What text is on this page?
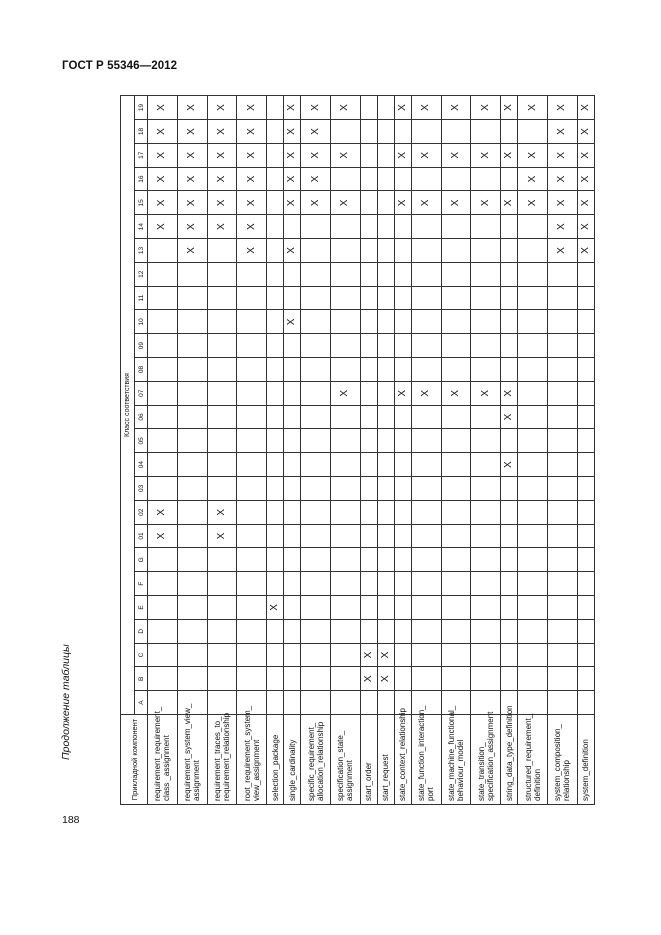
ГОСТ Р 55346—2012
Продолжение таблицы
188
Прикладной компонент	Класс соответствия																									
	A	B	C	D	E	F	G	01	02	03	04	05	06	07	08	09	10	11	12	13	14	15	16	17	18	19
requirement_requirement_
class _assignment								X	X												X	X	X	X	X	X
requirement_system_view_
assignment																				X	X	X	X	X	X	X
requirement_traces_to_
requirement_relationship								X	X												X	X	X	X	X	X
root_requirement_system_
view_assignment																				X	X	X	X	X	X	X
selection_package					X																					
single_cardinality																	X			X		X	X	X	X	X
specific_requirement_
allocation_relationship																						X	X	X	X	X
specification_state_
assignment														X								X		X		X
start_order		X	X																							
start_request		X	X																							
state_context_relationship														X								X		X		X
state_function_interaction_
port														X								X		X		X
state_machine_functional_
behaviour_model														X								X		X		X
state_transition_
specification_assignment														X								X		X		X
string_data_type_definition											X		X	X								X		X		X
structured_requirement_
definition																						X	X	X		X
system_composition_
relationship																				X	X	X	X	X	X	X
system_definition																				X	X	X	X	X	X	X
